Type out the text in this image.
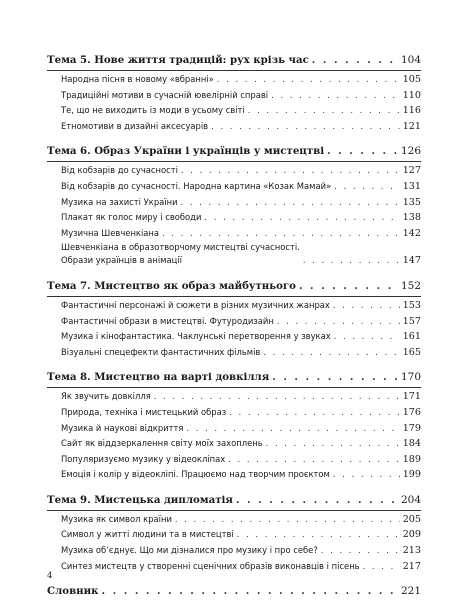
Тема 5. Нове життя традицій: рух крізь час . . .	104
Народна пісня в новому «вбранні» . . .	105
Традиційні мотиви в сучасній ювелірній справі . . .	110
Те, що не виходить із моди в усьому світі . . .	116
Етномотиви в дизайні аксесуарів . . .	121
Тема 6. Образ України і українців у мистецтві . . .	126
Від кобзарів до сучасності . . .	127
Від кобзарів до сучасності. Народна картина «Козак Мамай» . . .	131
Музика на захисті України . . .	135
Плакат як голос миру і свободи . . .	138
Музична Шевченкіана . . .	142
Шевченкіана в образотворчому мистецтві сучасності.
Образи українців в анімації . . .	147
Тема 7. Мистецтво як образ майбутнього . . .	152
Фантастичні персонажі й сюжети в різних музичних жанрах . . .	153
Фантастичні образи в мистецтві. Футуродизайн . . .	157
Музика і кінофантастика. Чаклунські перетворення у звуках . . .	161
Візуальні спецефекти фантастичних фільмів . . .	165
Тема 8. Мистецтво на варті довкілля . . .	170
Як звучить довкілля . . .	171
Природа, техніка і мистецький образ . . .	176
Музика й наукові відкриття . . .	179
Сайт як віддзеркалення світу моїх захоплень . . .	184
Популяризуємо музику у відеокліпах . . .	189
Емоція і колір у відеокліпі. Працюємо над творчим проєктом . . .	199
Тема 9. Мистецька дипломатія . . .	204
Музика як символ країни . . .	205
Символ у житті людини та в мистецтві . . .	209
Музика об’єднує. Що ми дізналися про музику і про себе? . . .	213
Синтез мистецтв у створенні сценічних образів виконавців і пісень . . .	217
Словник . . .	221
4
